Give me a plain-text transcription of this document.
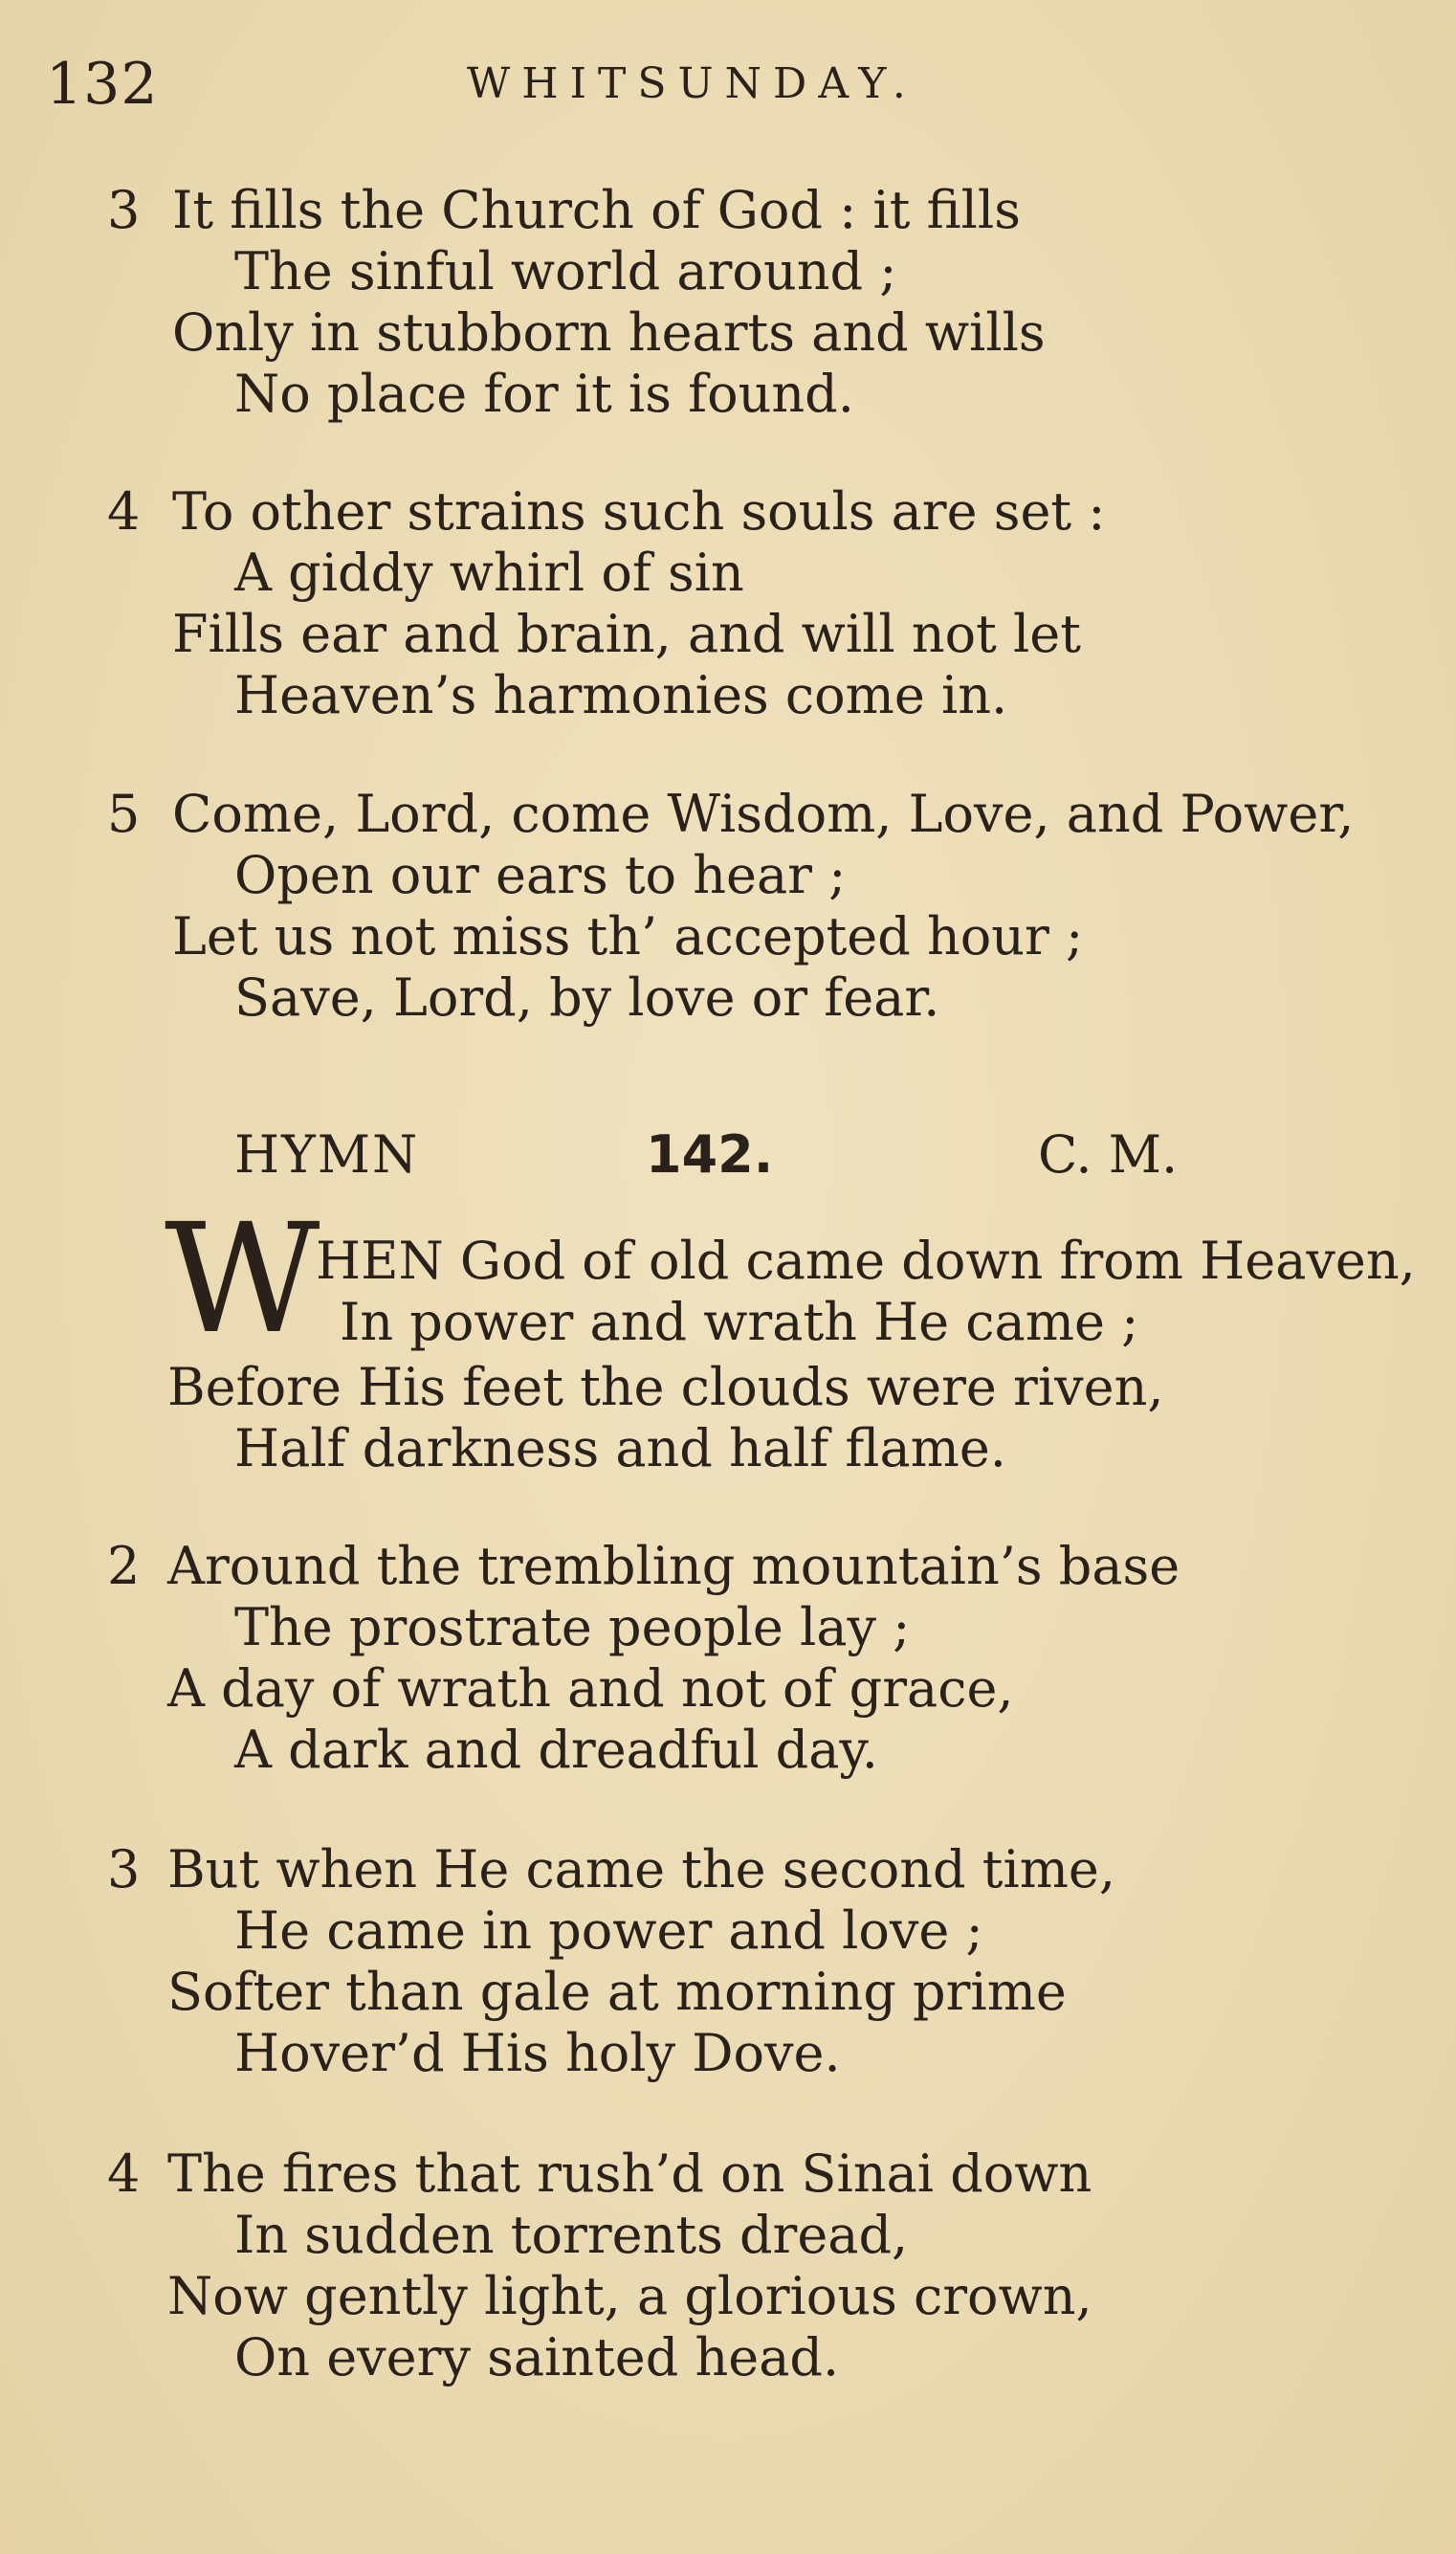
132	WHITSUNDAY.
3 It fills the Church of God : it fills
The sinful world around ;
Only in stubborn hearts and wills
No place for it is found.
4 To other strains such souls are set :
A giddy whirl of sin
Fills ear and brain, and will not let
Heaven’s harmonies come in.
5 Come, Lord, come Wisdom, Love, and Power,
Open our ears to hear ;
Let us not miss th’ accepted hour ;
Save, Lord, by love or fear.
HYMN	142.	C. M.
W
HEN God of old came down from Heaven,
In power and wrath He came ;
Before His feet the clouds were riven,
Half darkness and half flame.
2 Around the trembling mountain’s base
The prostrate people lay ;
A day of wrath and not of grace,
A dark and dreadful day.
3 But when He came the second time,
He came in power and love ;
Softer than gale at morning prime
Hover’d His holy Dove.
4 The fires that rush’d on Sinai down
In sudden torrents dread,
Now gently light, a glorious crown,
On every sainted head.
